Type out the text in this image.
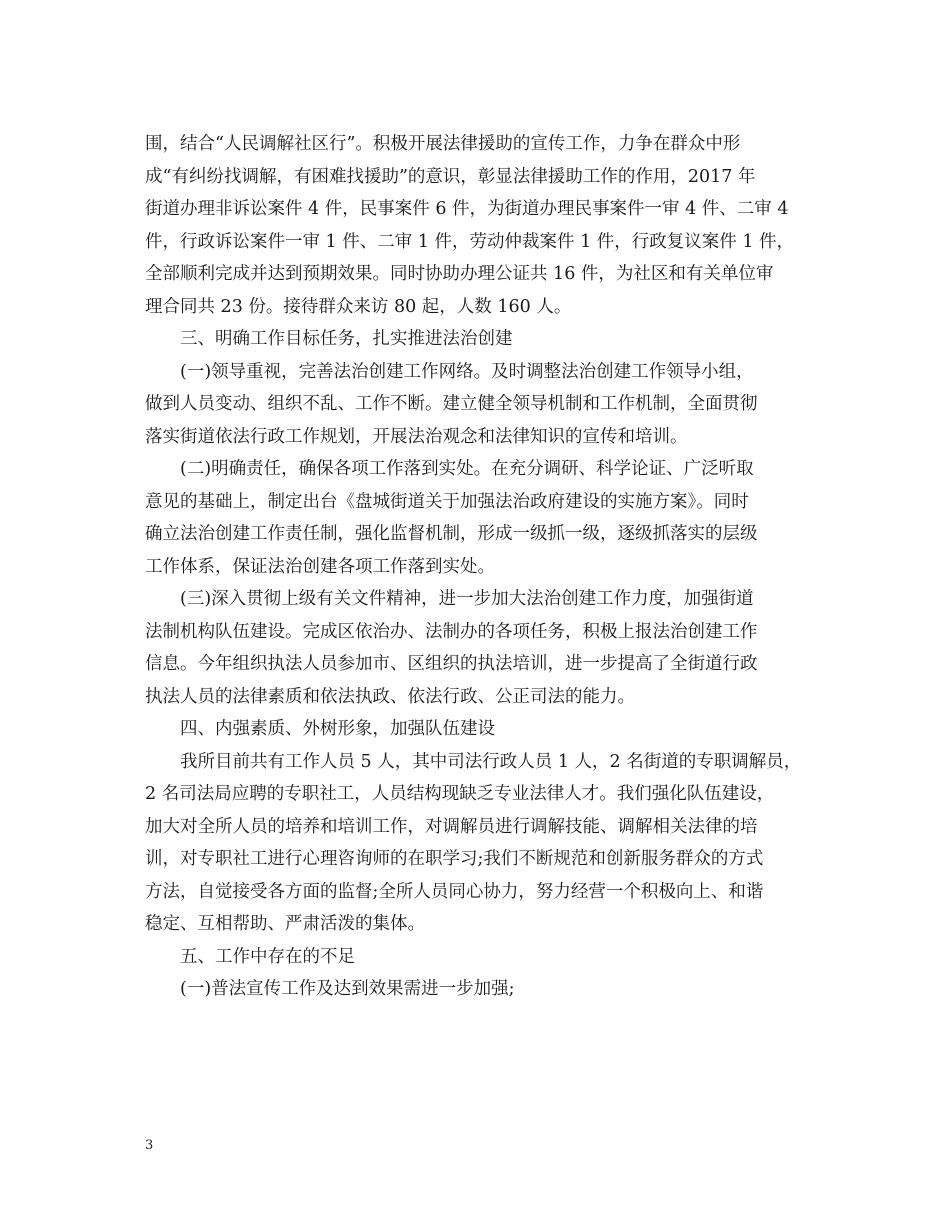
围，结合“人民调解社区行”。积极开展法律援助的宣传工作，力争在群众中形
成“有纠纷找调解，有困难找援助”的意识，彰显法律援助工作的作用，2017 年
街道办理非诉讼案件 4 件，民事案件 6 件，为街道办理民事案件一审 4 件、二审 4
件，行政诉讼案件一审 1 件、二审 1 件，劳动仲裁案件 1 件，行政复议案件 1 件，
全部顺利完成并达到预期效果。同时协助办理公证共 16 件，为社区和有关单位审
理合同共 23 份。接待群众来访 80 起，人数 160 人。
三、明确工作目标任务，扎实推进法治创建
(一)领导重视，完善法治创建工作网络。及时调整法治创建工作领导小组，
做到人员变动、组织不乱、工作不断。建立健全领导机制和工作机制，全面贯彻
落实街道依法行政工作规划，开展法治观念和法律知识的宣传和培训。
(二)明确责任，确保各项工作落到实处。在充分调研、科学论证、广泛听取
意见的基础上，制定出台《盘城街道关于加强法治政府建设的实施方案》。同时
确立法治创建工作责任制，强化监督机制，形成一级抓一级，逐级抓落实的层级
工作体系，保证法治创建各项工作落到实处。
(三)深入贯彻上级有关文件精神，进一步加大法治创建工作力度，加强街道
法制机构队伍建设。完成区依治办、法制办的各项任务，积极上报法治创建工作
信息。今年组织执法人员参加市、区组织的执法培训，进一步提高了全街道行政
执法人员的法律素质和依法执政、依法行政、公正司法的能力。
四、内强素质、外树形象，加强队伍建设
我所目前共有工作人员 5 人，其中司法行政人员 1 人，2 名街道的专职调解员，
2 名司法局应聘的专职社工，人员结构现缺乏专业法律人才。我们强化队伍建设，
加大对全所人员的培养和培训工作，对调解员进行调解技能、调解相关法律的培
训，对专职社工进行心理咨询师的在职学习;我们不断规范和创新服务群众的方式
方法，自觉接受各方面的监督;全所人员同心协力，努力经营一个积极向上、和谐
稳定、互相帮助、严肃活泼的集体。
五、工作中存在的不足
(一)普法宣传工作及达到效果需进一步加强;
3
